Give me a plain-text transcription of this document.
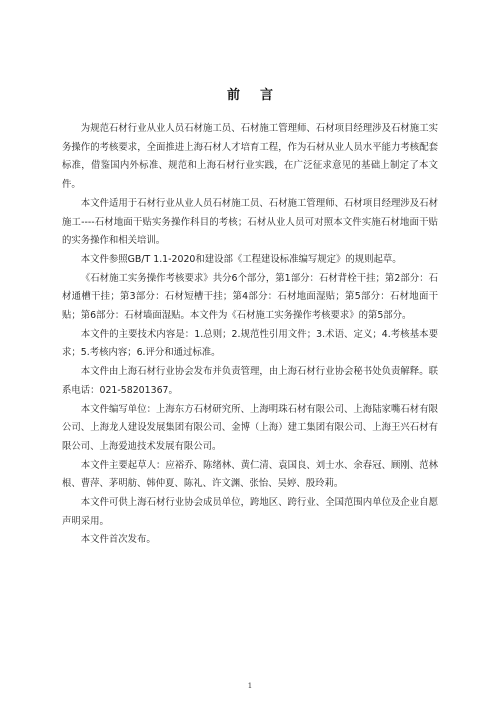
前言

为规范石材行业从业人员石材施工员、石材施工管理师、石材项目经理涉及石材施工实务操作的考核要求，全面推进上海石材人才培育工程，作为石材从业人员水平能力考核配套标准，借鉴国内外标准、规范和上海石材行业实践，在广泛征求意见的基础上制定了本文件。

本文件适用于石材行业从业人员石材施工员、石材施工管理师、石材项目经理涉及石材施工----石材地面干贴实务操作科目的考核；石材从业人员可对照本文件实施石材地面干贴的实务操作和相关培训。

本文件参照GB/T 1.1-2020和建设部《工程建设标准编写规定》的规则起草。

《石材施工实务操作考核要求》共分6个部分，第1部分：石材背栓干挂；第2部分：石材通槽干挂；第3部分：石材短槽干挂；第4部分：石材地面湿贴；第5部分：石材地面干贴；第6部分：石材墙面湿贴。本文件为《石材施工实务操作考核要求》的第5部分。

本文件的主要技术内容是：1.总则；2.规范性引用文件；3.术语、定义；4.考核基本要求；5.考核内容；6.评分和通过标准。

本文件由上海石材行业协会发布并负责管理，由上海石材行业协会秘书处负责解释。联系电话：021-58201367。

本文件编写单位：上海东方石材研究所、上海明珠石材有限公司、上海陆家嘴石材有限公司、上海龙人建设发展集团有限公司、金博（上海）建工集团有限公司、上海王兴石材有限公司、上海爱迪技术发展有限公司。

本文件主要起草人：应裕乔、陈绪林、黄仁清、袁国良、刘士水、余春冠、顾刚、范林根、曹萍、茅明舫、韩仲夏、陈礼、许文渊、张怡、吴婷、殷玲莉。

本文件可供上海石材行业协会成员单位，跨地区、跨行业、全国范围内单位及企业自愿声明采用。

本文件首次发布。

1
